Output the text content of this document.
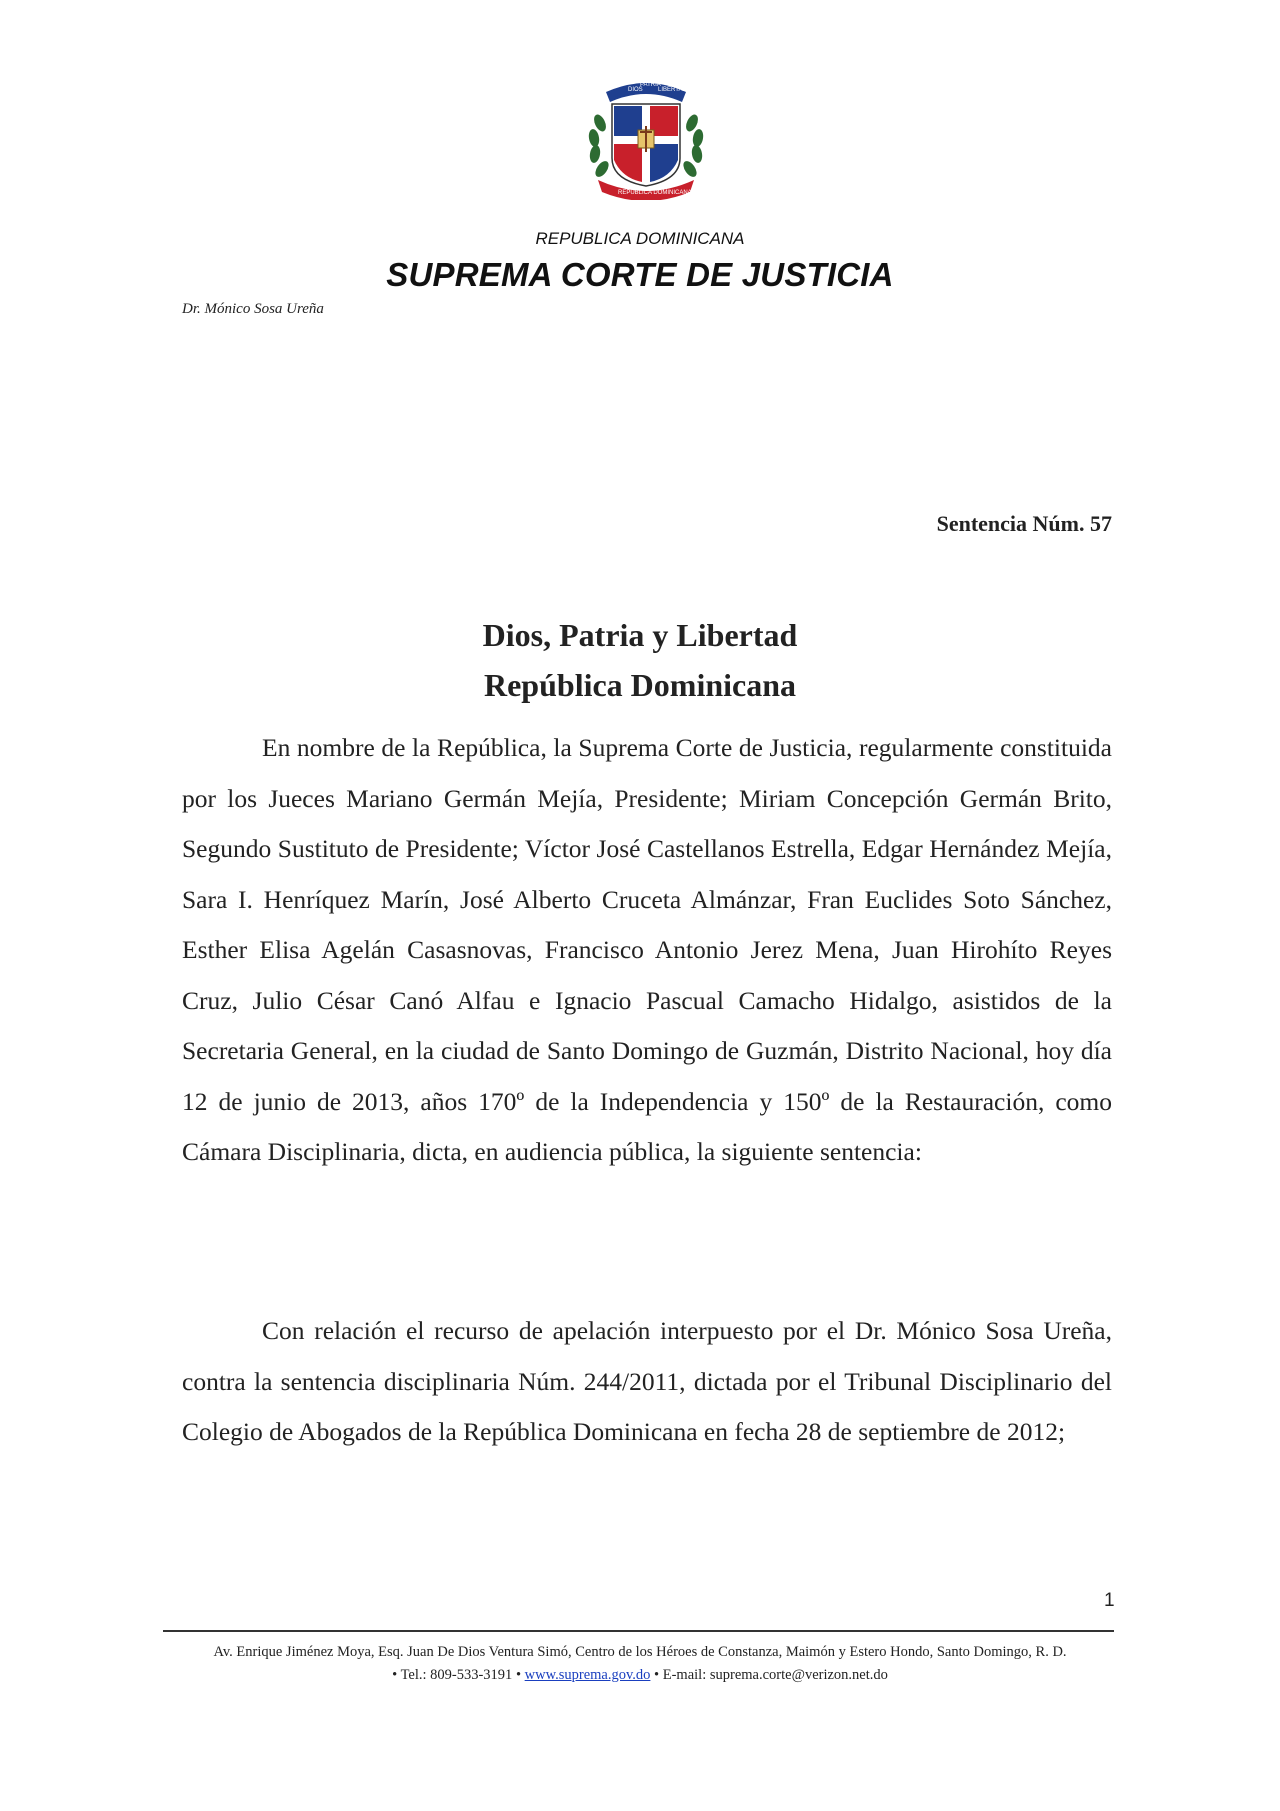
DIOS
PATRIA
LIBERTAD
REPUBLICA DOMINICANA
REPUBLICA DOMINICANA
SUPREMA CORTE DE JUSTICIA
Dr. Mónico Sosa Ureña
Sentencia Núm. 57
Dios, Patria y Libertad
República Dominicana

En nombre de la República, la Suprema Corte de Justicia, regularmente constituida por los Jueces Mariano Germán Mejía, Presidente; Miriam Concepción Germán Brito, Segundo Sustituto de Presidente; Víctor José Castellanos Estrella, Edgar Hernández Mejía, Sara I. Henríquez Marín, José Alberto Cruceta Almánzar, Fran Euclides Soto Sánchez, Esther Elisa Agelán Casasnovas, Francisco Antonio Jerez Mena, Juan Hirohíto Reyes Cruz, Julio César Canó Alfau e Ignacio Pascual Camacho Hidalgo, asistidos de la Secretaria General, en la ciudad de Santo Domingo de Guzmán, Distrito Nacional, hoy día 12 de junio de 2013, años 170º de la Independencia y 150º de la Restauración, como Cámara Disciplinaria, dicta, en audiencia pública, la siguiente sentencia:

Con relación el recurso de apelación interpuesto por el Dr. Mónico Sosa Ureña, contra la sentencia disciplinaria Núm. 244/2011, dictada por el Tribunal Disciplinario del Colegio de Abogados de la República Dominicana en fecha 28 de septiembre de 2012;

1
Av. Enrique Jiménez Moya, Esq. Juan De Dios Ventura Simó, Centro de los Héroes de Constanza, Maimón y Estero Hondo, Santo Domingo, R. D.
• Tel.: 809-533-3191 • www.suprema.gov.do • E-mail: suprema.corte@verizon.net.do
